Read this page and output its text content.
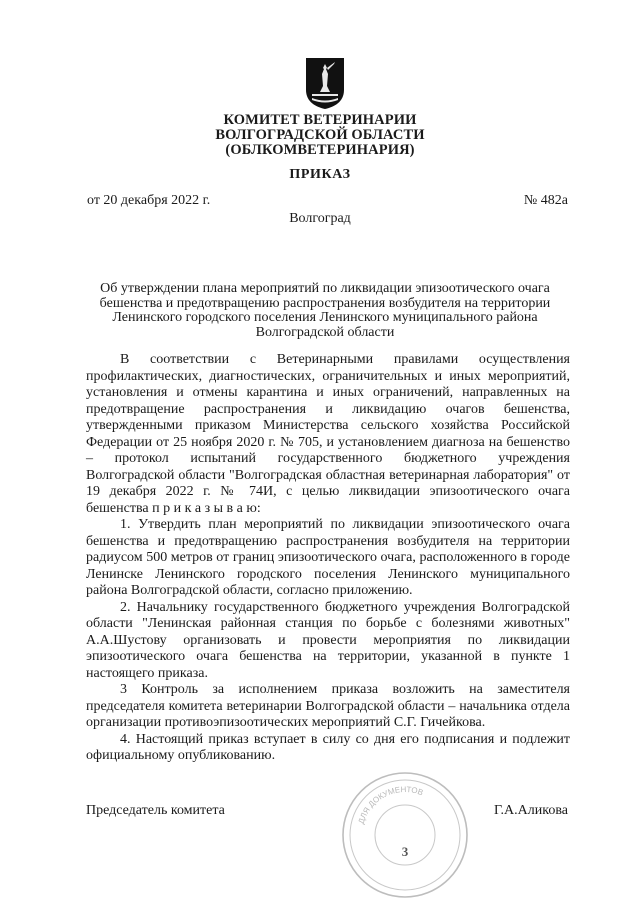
КОМИТЕТ ВЕТЕРИНАРИИ
ВОЛГОГРАДСКОЙ ОБЛАСТИ
(ОБЛКОМВЕТЕРИНАРИЯ)
ПРИКАЗ
от 20 декабря 2022 г.	№ 482а
Волгоград
Об утверждении плана мероприятий по ликвидации эпизоотического очага бешенства и предотвращению распространения возбудителя на территории Ленинского городского поселения Ленинского муниципального района Волгоградской области

В соответствии с Ветеринарными правилами осуществления профилактических, диагностических, ограничительных и иных мероприятий, установления и отмены карантина и иных ограничений, направленных на предотвращение распространения и ликвидацию очагов бешенства, утвержденными приказом Министерства сельского хозяйства Российской Федерации от 25 ноября 2020 г. № 705, и установлением диагноза на бешенство – протокол испытаний государственного бюджетного учреждения Волгоградской области "Волгоградская областная ветеринарная лаборатория" от 19 декабря 2022 г. № 74И, с целью ликвидации эпизоотического очага бешенства п р и к а з ы в а ю:

1. Утвердить план мероприятий по ликвидации эпизоотического очага бешенства и предотвращению распространения возбудителя на территории радиусом 500 метров от границ эпизоотического очага, расположенного в городе Ленинске Ленинского городского поселения Ленинского муниципального района Волгоградской области, согласно приложению.

2. Начальнику государственного бюджетного учреждения Волгоградской области "Ленинская районная станция по борьбе с болезнями животных" А.А.Шустову организовать и провести мероприятия по ликвидации эпизоотического очага бешенства на территории, указанной в пункте 1 настоящего приказа.

3 Контроль за исполнением приказа возложить на заместителя председателя комитета ветеринарии Волгоградской области – начальника отдела организации противоэпизоотических мероприятий С.Г. Гичейкова.

4. Настоящий приказ вступает в силу со дня его подписания и подлежит официальному опубликованию.

ДЛЯ ДОКУМЕНТОВ
3
Председатель комитета	Г.А.Аликова
